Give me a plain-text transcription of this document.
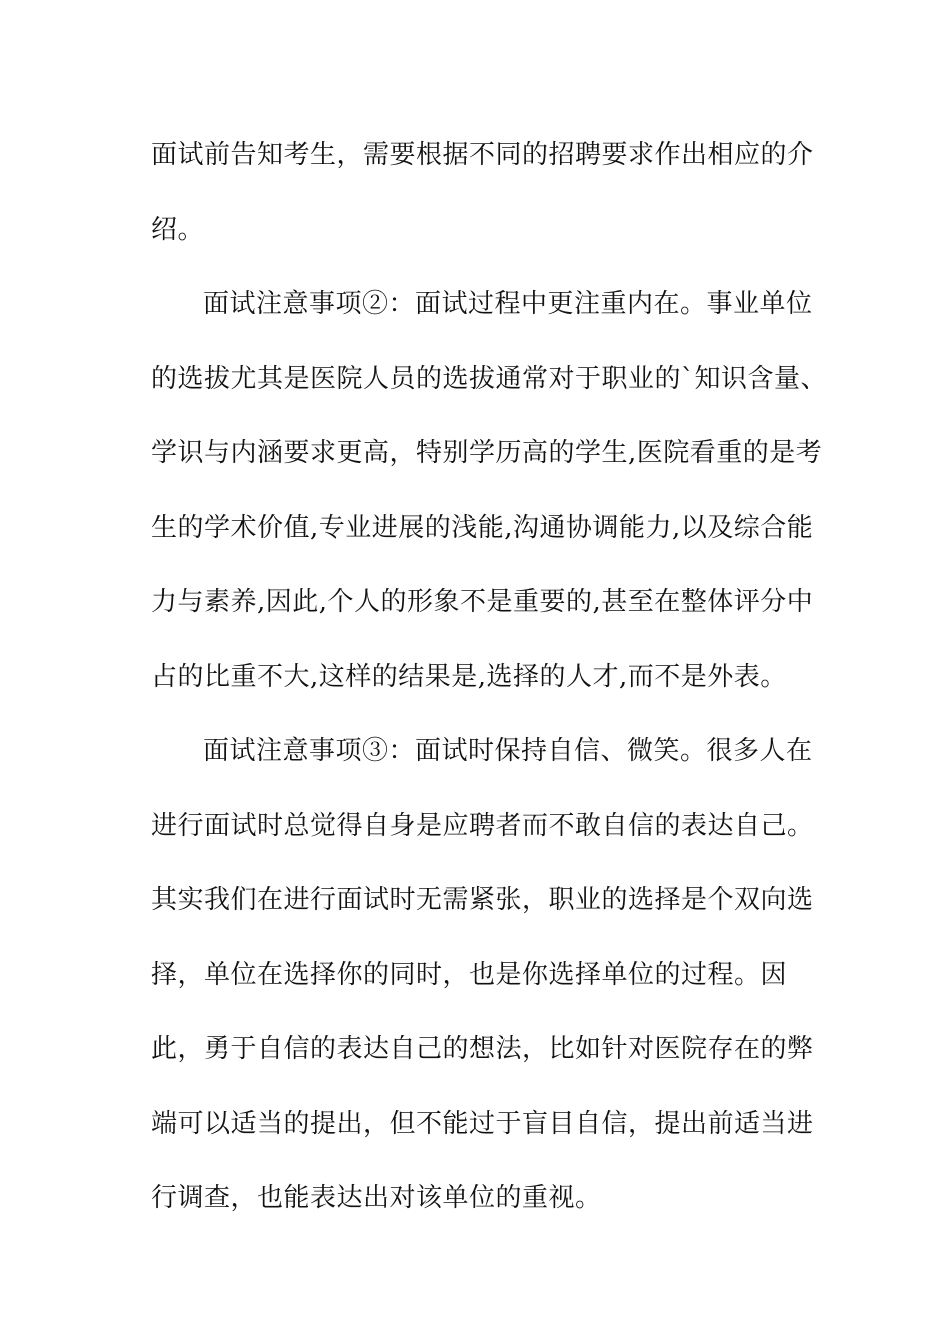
面试前告知考生，需要根据不同的招聘要求作出相应的介
绍。
面试注意事项②：面试过程中更注重内在。事业单位
的选拔尤其是医院人员的选拔通常对于职业的`知识含量、
学识与内涵要求更高，特别学历高的学生,医院看重的是考
生的学术价值,专业进展的浅能,沟通协调能力,以及综合能
力与素养,因此,个人的形象不是重要的,甚至在整体评分中
占的比重不大,这样的结果是,选择的人才,而不是外表。
面试注意事项③：面试时保持自信、微笑。很多人在
进行面试时总觉得自身是应聘者而不敢自信的表达自己。
其实我们在进行面试时无需紧张，职业的选择是个双向选
择，单位在选择你的同时，也是你选择单位的过程。因
此，勇于自信的表达自己的想法，比如针对医院存在的弊
端可以适当的提出，但不能过于盲目自信，提出前适当进
行调查，也能表达出对该单位的重视。
